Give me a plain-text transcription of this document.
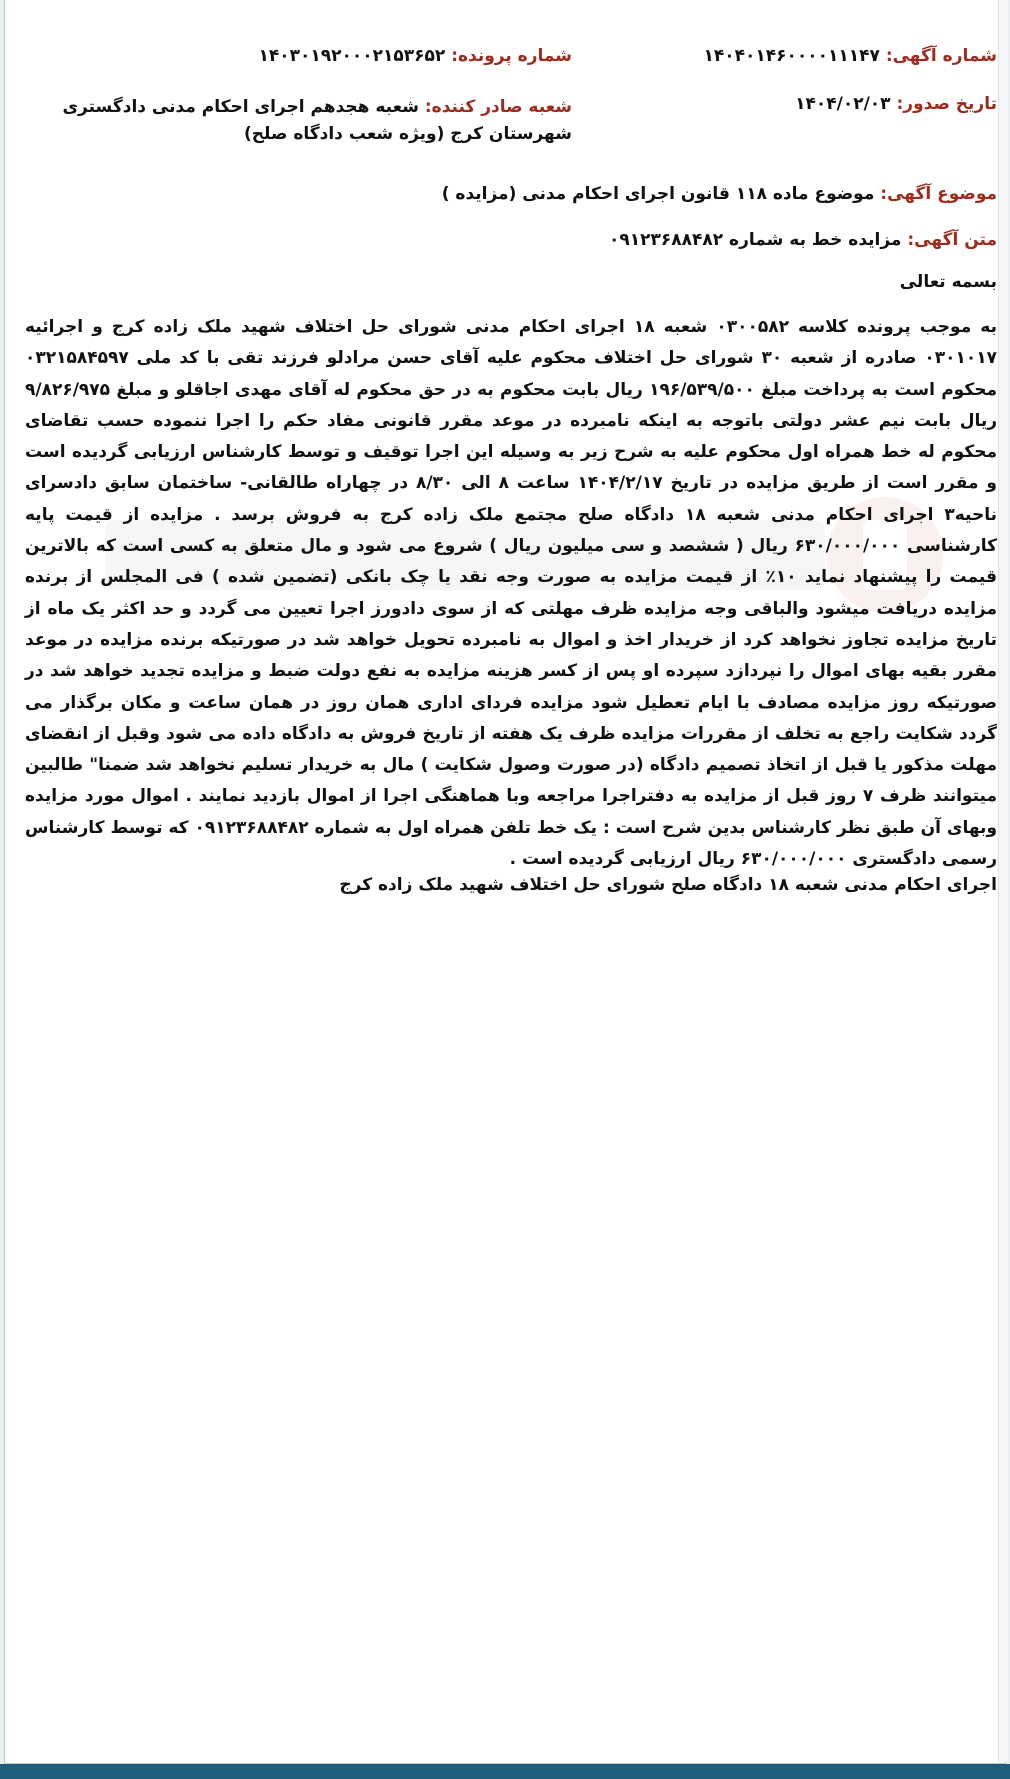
شماره آگهی: ۱۴۰۴۰۱۴۶۰۰۰۰۱۱۱۴۷
شماره پرونده: ۱۴۰۳۰۱۹۲۰۰۰۲۱۵۳۶۵۲
تاریخ صدور: ۱۴۰۴/۰۲/۰۳
شعبه صادر کننده: شعبه هجدهم اجرای احکام مدنی دادگستری شهرستان کرج (ویژه شعب دادگاه صلح)
موضوع آگهی: موضوع ماده ۱۱۸ قانون اجرای احکام مدنی (مزایده )
متن آگهی: مزایده خط به شماره ۰۹۱۲۳۶۸۸۴۸۲
بسمه تعالی
به موجب پرونده کلاسه ۰۳۰۰۵۸۲ شعبه ۱۸ اجرای احکام مدنی شورای حل اختلاف شهید ملک زاده کرج و اجرائیه ۰۳۰۱۰۱۷ صادره از شعبه ۳۰ شورای حل اختلاف محکوم علیه آقای حسن مرادلو فرزند تقی با کد ملی ۰۳۲۱۵۸۴۵۹۷ محکوم است به پرداخت مبلغ ۱۹۶/۵۳۹/۵۰۰ ریال بابت محکوم به در حق محکوم له آقای مهدی اجاقلو و مبلغ ۹/۸۲۶/۹۷۵ ریال بابت نیم عشر دولتی باتوجه به اینکه نامبرده در موعد مقرر قانونی مفاد حکم را اجرا ننموده حسب تقاضای محکوم له خط همراه اول محکوم علیه به شرح زیر به وسیله این اجرا توقیف و توسط کارشناس ارزیابی گردیده است و مقرر است از طریق مزایده در تاریخ ۱۴۰۴/۲/۱۷ ساعت ۸ الی ۸/۳۰ در چهاراه طالقانی- ساختمان سابق دادسرای ناحیه۳ اجرای احکام مدنی شعبه ۱۸ دادگاه صلح مجتمع ملک زاده کرج به فروش برسد . مزایده از قیمت پایه کارشناسی ۶۳۰/۰۰۰/۰۰۰ ریال ( ششصد و سی میلیون ریال ) شروع می شود و مال متعلق به کسی است که بالاترین قیمت را پیشنهاد نماید ۱۰٪ از قیمت مزایده به صورت وجه نقد یا چک بانکی (تضمین شده ) فی المجلس از برنده مزایده دریافت میشود والباقی وجه مزایده ظرف مهلتی که از سوی دادورز اجرا تعیین می گردد و حد اکثر یک ماه از تاریخ مزایده تجاوز نخواهد کرد از خریدار اخذ و اموال به نامبرده تحویل خواهد شد در صورتیکه برنده مزایده در موعد مقرر بقیه بهای اموال را نپردازد سپرده او پس از کسر هزینه مزایده به نفع دولت ضبط و مزایده تجدید خواهد شد در صورتیکه روز مزایده مصادف با ایام تعطیل شود مزایده فردای اداری همان روز در همان ساعت و مکان برگذار می گردد شکایت راجع به تخلف از مقررات مزایده ظرف یک هفته از تاریخ فروش به دادگاه داده می شود وقبل از انقضای مهلت مذکور یا قبل از اتخاذ تصمیم دادگاه (در صورت وصول شکایت ) مال به خریدار تسلیم نخواهد شد ضمنا" طالبین میتوانند ظرف ۷ روز قبل از مزایده به دفتراجرا مراجعه وبا هماهنگی اجرا از اموال بازدید نمایند . اموال مورد مزایده وبهای آن طبق نظر کارشناس بدین شرح است : یک خط تلفن همراه اول به شماره ۰۹۱۲۳۶۸۸۴۸۲ که توسط کارشناس رسمی دادگستری ۶۳۰/۰۰۰/۰۰۰ ریال ارزیابی گردیده است .
اجرای احکام مدنی شعبه ۱۸ دادگاه صلح شورای حل اختلاف شهید ملک زاده کرج
